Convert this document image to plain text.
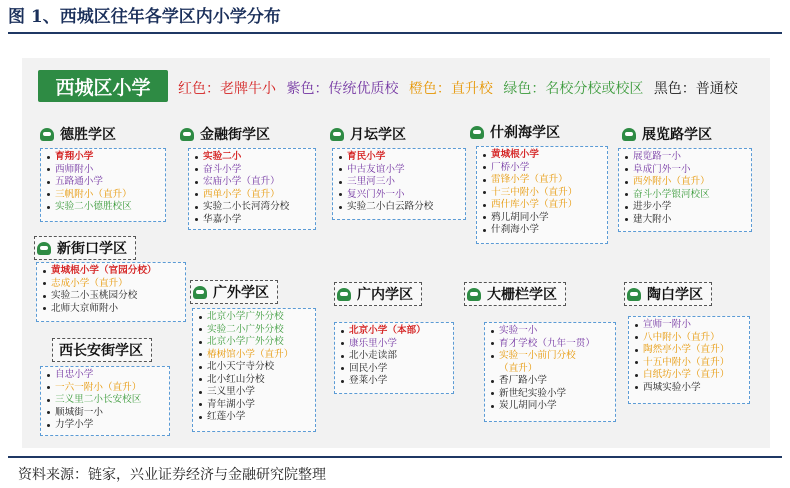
图 1、西城区往年各学区内小学分布
西城区小学	红色：老牌牛小 紫色：传统优质校 橙色：直升校 绿色：名校分校或校区 黑色：普通校
德胜学区	金融街学区	月坛学区	什刹海学区	展览路学区
新街口学区
广外学区	广内学区	大栅栏学区	陶白学区
西长安街学区
育翔小学
西师附小
五路通小学
三帆附小（直升）
实验二小德胜校区
实验二小
奋斗小学
宏庙小学（直升）
西单小学（直升）
实验二小长河湾分校
华嘉小学
育民小学
中古友谊小学
三里河三小
复兴门外一小
实验二小白云路分校
黄城根小学
厂桥小学
雷锋小学（直升）
十三中附小（直升）
西什库小学（直升）
鸦儿胡同小学
什刹海小学
展览路一小
阜成门外一小
西外附小（直升）
奋斗小学银河校区
进步小学
建大附小
黄城根小学（官园分校）
志成小学（直升）
实验二小玉桃园分校
北师大京师附小
北京小学广外分校
实验二小广外分校
北京小学广外分校
椿树馆小学（直升）
北小天宁寺分校
北小红山分校
三义里小学
青年湖小学
红莲小学
北京小学（本部）
康乐里小学
北小走读部
回民小学
登莱小学
实验一小
育才学校（九年一贯）
实验一小前门分校
（直升）
香厂路小学
新世纪实验小学
炭儿胡同小学
宣师一附小
八中附小（直升）
陶然亭小学（直升）
十五中附小（直升）
白纸坊小学（直升）
西城实验小学
自忠小学
一六一附小（直升）
三义里二小长安校区
顺城街一小
力学小学
资料来源：链家，兴业证券经济与金融研究院整理
